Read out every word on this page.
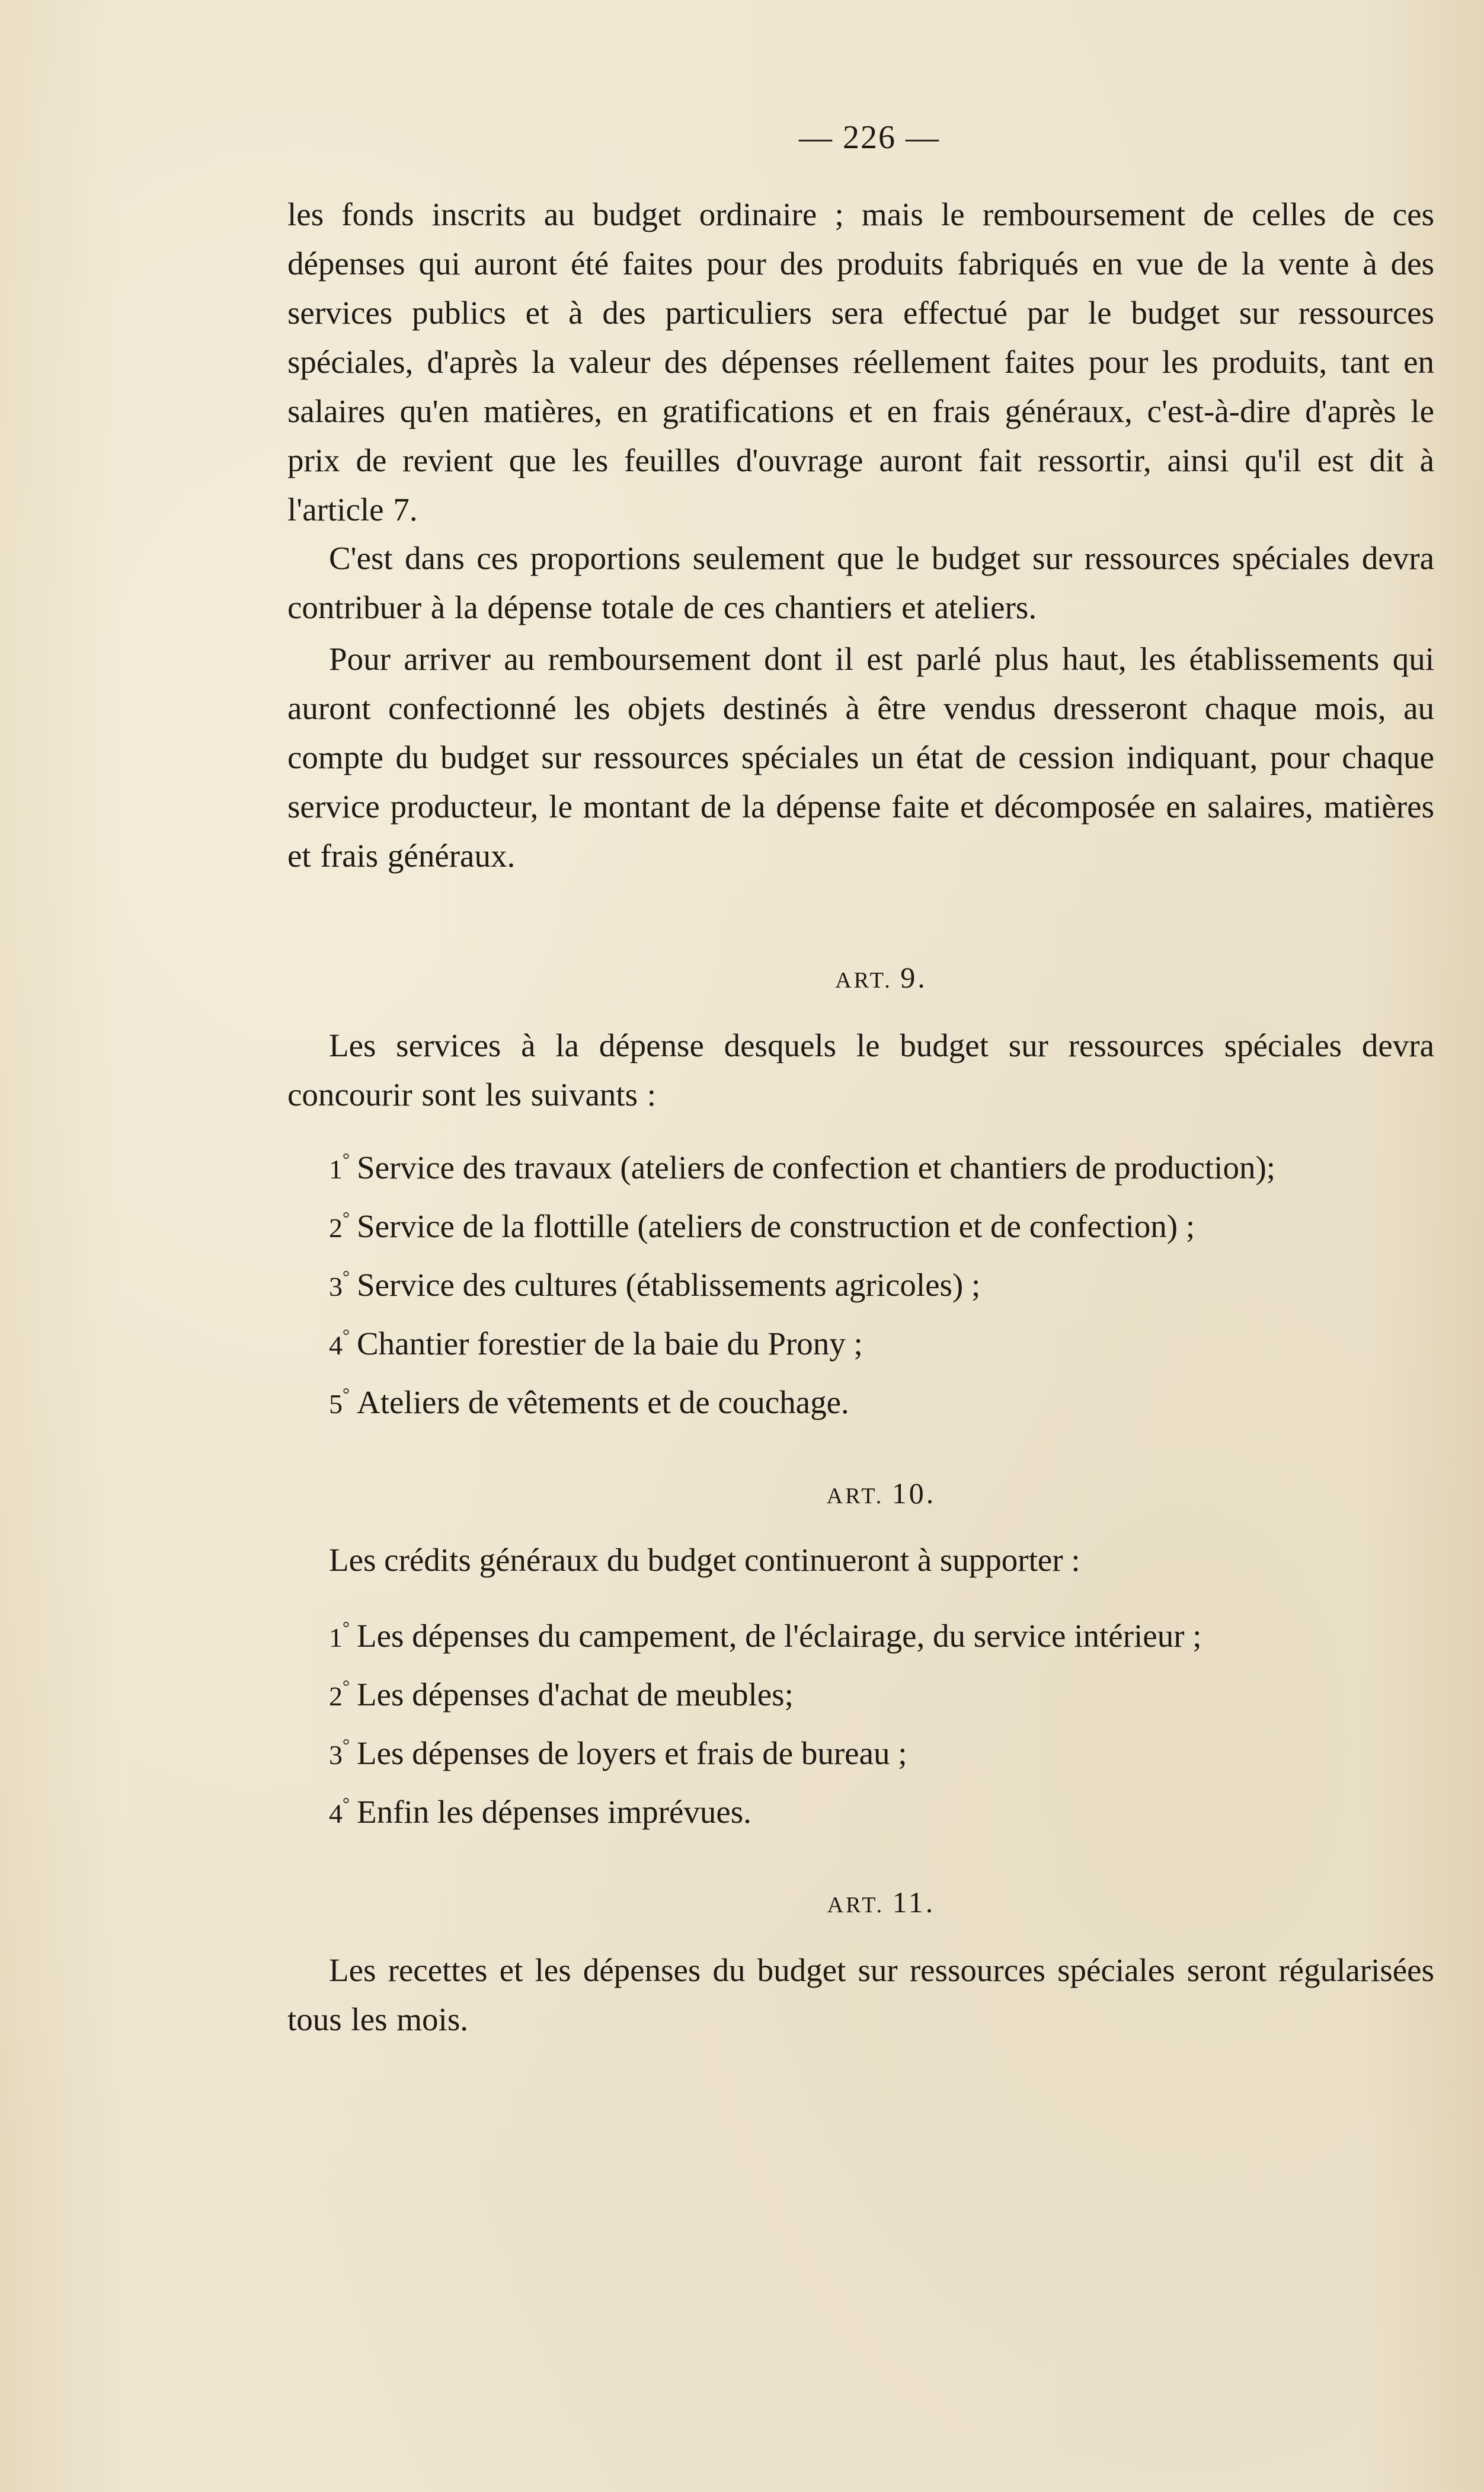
— 226 —

les fonds inscrits au budget ordinaire ; mais le remboursement de celles de ces dépenses qui auront été faites pour des produits fabriqués en vue de la vente à des services publics et à des particuliers sera effectué par le budget sur ressources spéciales, d'après la valeur des dépenses réellement faites pour les produits, tant en salaires qu'en matières, en gratifications et en frais généraux, c'est-à-dire d'après le prix de revient que les feuilles d'ouvrage auront fait ressortir, ainsi qu'il est dit à l'article 7.

C'est dans ces proportions seulement que le budget sur ressources spéciales devra contribuer à la dépense totale de ces chantiers et ateliers.

Pour arriver au remboursement dont il est parlé plus haut, les établissements qui auront confectionné les objets destinés à être vendus dresseront chaque mois, au compte du budget sur ressources spéciales un état de cession indiquant, pour chaque service producteur, le montant de la dépense faite et décomposée en salaires, matières et frais généraux.

ART. 9.

Les services à la dépense desquels le budget sur ressources spéciales devra concourir sont les suivants :

1° Service des travaux (ateliers de confection et chantiers de production);
2° Service de la flottille (ateliers de construction et de confection) ;
3° Service des cultures (établissements agricoles) ;
4° Chantier forestier de la baie du Prony ;
5° Ateliers de vêtements et de couchage.
ART. 10.
Les crédits généraux du budget continueront à supporter :
1° Les dépenses du campement, de l'éclairage, du service intérieur ;
2° Les dépenses d'achat de meubles;
3° Les dépenses de loyers et frais de bureau ;
4° Enfin les dépenses imprévues.
ART. 11.

Les recettes et les dépenses du budget sur ressources spéciales seront régularisées tous les mois.
